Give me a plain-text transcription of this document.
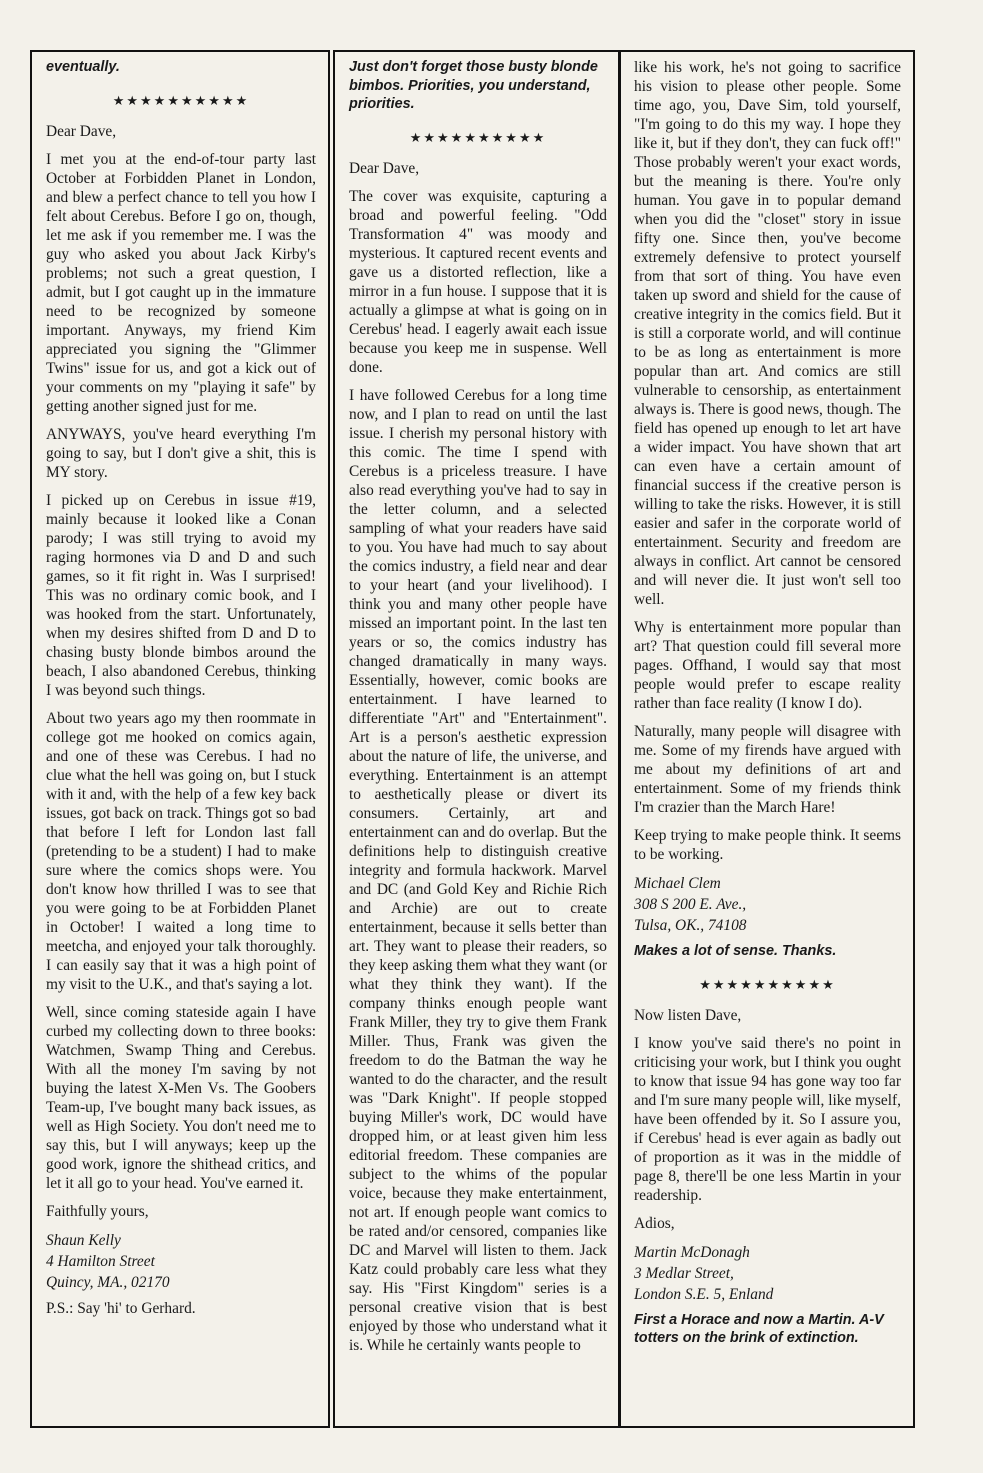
eventually.

★★★★★★★★★★

Dear Dave,

I met you at the end-of-tour party last October at Forbidden Planet in London, and blew a perfect chance to tell you how I felt about Cerebus. Before I go on, though, let me ask if you remember me. I was the guy who asked you about Jack Kirby's problems; not such a great question, I admit, but I got caught up in the immature need to be recognized by someone important. Anyways, my friend Kim appreciated you signing the "Glimmer Twins" issue for us, and got a kick out of your comments on my "playing it safe" by getting another signed just for me.

ANYWAYS, you've heard everything I'm going to say, but I don't give a shit, this is MY story.

I picked up on Cerebus in issue #19, mainly because it looked like a Conan parody; I was still trying to avoid my raging hormones via D and D and such games, so it fit right in. Was I surprised! This was no ordinary comic book, and I was hooked from the start. Unfortunately, when my desires shifted from D and D to chasing busty blonde bimbos around the beach, I also abandoned Cerebus, thinking I was beyond such things.

About two years ago my then roommate in college got me hooked on comics again, and one of these was Cerebus. I had no clue what the hell was going on, but I stuck with it and, with the help of a few key back issues, got back on track. Things got so bad that before I left for London last fall (pretending to be a student) I had to make sure where the comics shops were. You don't know how thrilled I was to see that you were going to be at Forbidden Planet in October! I waited a long time to meetcha, and enjoyed your talk thoroughly. I can easily say that it was a high point of my visit to the U.K., and that's saying a lot.

Well, since coming stateside again I have curbed my collecting down to three books: Watchmen, Swamp Thing and Cerebus. With all the money I'm saving by not buying the latest X-Men Vs. The Goobers Team-up, I've bought many back issues, as well as High Society. You don't need me to say this, but I will anyways; keep up the good work, ignore the shithead critics, and let it all go to your head. You've earned it.

Faithfully yours,

Shaun Kelly
4 Hamilton Street
Quincy, MA., 02170

P.S.: Say 'hi' to Gerhard.

Just don't forget those busty blonde bimbos. Priorities, you understand, priorities.

★★★★★★★★★★

Dear Dave,

The cover was exquisite, capturing a broad and powerful feeling. "Odd Transformation 4" was moody and mysterious. It captured recent events and gave us a distorted reflection, like a mirror in a fun house. I suppose that it is actually a glimpse at what is going on in Cerebus' head. I eagerly await each issue because you keep me in suspense. Well done.

I have followed Cerebus for a long time now, and I plan to read on until the last issue. I cherish my personal history with this comic. The time I spend with Cerebus is a priceless treasure. I have also read everything you've had to say in the letter column, and a selected sampling of what your readers have said to you. You have had much to say about the comics industry, a field near and dear to your heart (and your livelihood). I think you and many other people have missed an important point. In the last ten years or so, the comics industry has changed dramatically in many ways. Essentially, however, comic books are entertainment. I have learned to differentiate "Art" and "Entertainment". Art is a person's aesthetic expression about the nature of life, the universe, and everything. Entertainment is an attempt to aesthetically please or divert its consumers. Certainly, art and entertainment can and do overlap. But the definitions help to distinguish creative integrity and formula hackwork. Marvel and DC (and Gold Key and Richie Rich and Archie) are out to create entertainment, because it sells better than art. They want to please their readers, so they keep asking them what they want (or what they think they want). If the company thinks enough people want Frank Miller, they try to give them Frank Miller. Thus, Frank was given the freedom to do the Batman the way he wanted to do the character, and the result was "Dark Knight". If people stopped buying Miller's work, DC would have dropped him, or at least given him less editorial freedom. These companies are subject to the whims of the popular voice, because they make entertainment, not art. If enough people want comics to be rated and/or censored, companies like DC and Marvel will listen to them. Jack Katz could probably care less what they say. His "First Kingdom" series is a personal creative vision that is best enjoyed by those who understand what it is. While he certainly wants people to

like his work, he's not going to sacrifice his vision to please other people. Some time ago, you, Dave Sim, told yourself, "I'm going to do this my way. I hope they like it, but if they don't, they can fuck off!" Those probably weren't your exact words, but the meaning is there. You're only human. You gave in to popular demand when you did the "closet" story in issue fifty one. Since then, you've become extremely defensive to protect yourself from that sort of thing. You have even taken up sword and shield for the cause of creative integrity in the comics field. But it is still a corporate world, and will continue to be as long as entertainment is more popular than art. And comics are still vulnerable to censorship, as entertainment always is. There is good news, though. The field has opened up enough to let art have a wider impact. You have shown that art can even have a certain amount of financial success if the creative person is willing to take the risks. However, it is still easier and safer in the corporate world of entertainment. Security and freedom are always in conflict. Art cannot be censored and will never die. It just won't sell too well.

Why is entertainment more popular than art? That question could fill several more pages. Offhand, I would say that most people would prefer to escape reality rather than face reality (I know I do).

Naturally, many people will disagree with me. Some of my firends have argued with me about my definitions of art and entertainment. Some of my friends think I'm crazier than the March Hare!

Keep trying to make people think. It seems to be working.

Michael Clem
308 S 200 E. Ave.,
Tulsa, OK., 74108

Makes a lot of sense. Thanks.

★★★★★★★★★★

Now listen Dave,

I know you've said there's no point in criticising your work, but I think you ought to know that issue 94 has gone way too far and I'm sure many people will, like myself, have been offended by it. So I assure you, if Cerebus' head is ever again as badly out of proportion as it was in the middle of page 8, there'll be one less Martin in your readership.

Adios,

Martin McDonagh
3 Medlar Street,
London S.E. 5, Enland

First a Horace and now a Martin. A-V totters on the brink of extinction.
